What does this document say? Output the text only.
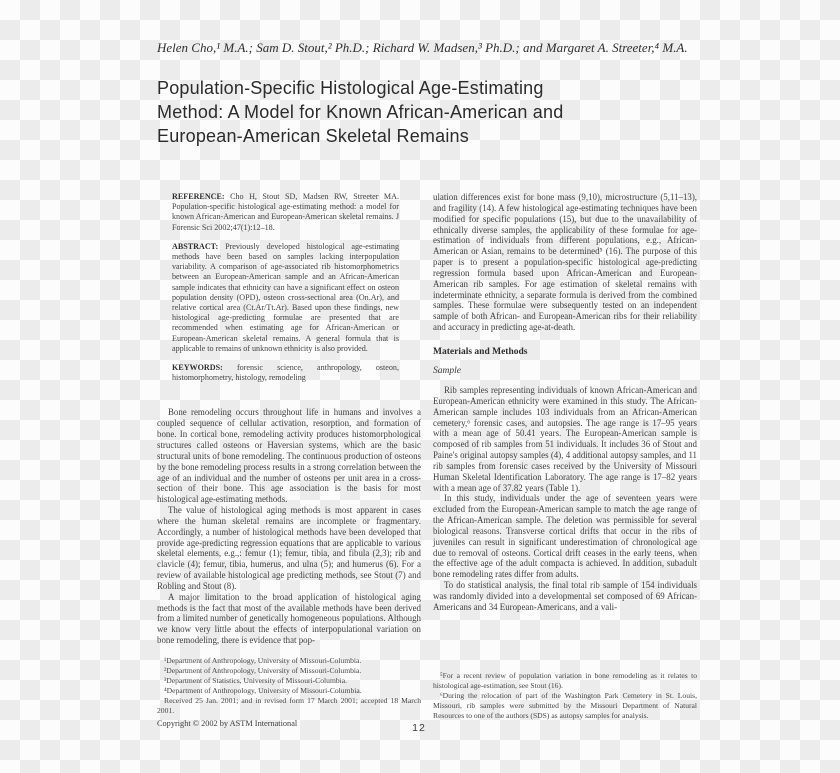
Helen Cho,¹ M.A.; Sam D. Stout,² Ph.D.; Richard W. Madsen,³ Ph.D.; and Margaret A. Streeter,⁴ M.A.
Population-Specific Histological Age-Estimating
Method: A Model for Known African-American and
European-American Skeletal Remains

REFERENCE: Cho H, Stout SD, Madsen RW, Streeter MA. Population-specific histological age-estimating method: a model for known African-American and European-American skeletal remains. J Forensic Sci 2002;47(1):12–18.

ABSTRACT: Previously developed histological age-estimating methods have been based on samples lacking interpopulation variability. A comparison of age-associated rib histomorphometrics between an European-American sample and an African-American sample indicates that ethnicity can have a significant effect on osteon population density (OPD), osteon cross-sectional area (On.Ar), and relative cortical area (Ct.Ar/Tt.Ar). Based upon these findings, new histological age-predicting formulae are presented that are recommended when estimating age for African-American or European-American skeletal remains. A general formula that is applicable to remains of unknown ethnicity is also provided.

KEYWORDS: forensic science, anthropology, osteon, histomorphometry, histology, remodeling

Bone remodeling occurs throughout life in humans and involves a coupled sequence of cellular activation, resorption, and formation of bone. In cortical bone, remodeling activity produces histomorphological structures called osteons or Haversian systems, which are the basic structural units of bone remodeling. The continuous production of osteons by the bone remodeling process results in a strong correlation between the age of an individual and the number of osteons per unit area in a cross-section of their bone. This age association is the basis for most histological age-estimating methods.

The value of histological aging methods is most apparent in cases where the human skeletal remains are incomplete or fragmentary. Accordingly, a number of histological methods have been developed that provide age-predicting regression equations that are applicable to various skeletal elements, e.g.,: femur (1); femur, tibia, and fibula (2,3); rib and clavicle (4); femur, tibia, humerus, and ulna (5); and humerus (6). For a review of available histological age predicting methods, see Stout (7) and Robling and Stout (8).

A major limitation to the broad application of histological aging methods is the fact that most of the available methods have been derived from a limited number of genetically homogeneous populations. Although we know very little about the effects of interpopulational variation on bone remodeling, there is evidence that pop-

ulation differences exist for bone mass (9,10), microstructure (5,11–13), and fragility (14). A few histological age-estimating techniques have been modified for specific populations (15), but due to the unavailability of ethnically diverse samples, the applicability of these formulae for age-estimation of individuals from different populations, e.g., African-American or Asian, remains to be determined⁵ (16). The purpose of this paper is to present a population-specific histological age-predicting regression formula based upon African-American and European-American rib samples. For age estimation of skeletal remains with indeterminate ethnicity, a separate formula is derived from the combined samples. These formulae were subsequently tested on an independent sample of both African- and European-American ribs for their reliability and accuracy in predicting age-at-death.

Materials and Methods
Sample

Rib samples representing individuals of known African-American and European-American ethnicity were examined in this study. The African-American sample includes 103 individuals from an African-American cemetery,⁶ forensic cases, and autopsies. The age range is 17–95 years with a mean age of 50.41 years. The European-American sample is composed of rib samples from 51 individuals. It includes 36 of Stout and Paine's original autopsy samples (4), 4 additional autopsy samples, and 11 rib samples from forensic cases received by the University of Missouri Human Skeletal Identification Laboratory. The age range is 17–82 years with a mean age of 37.82 years (Table 1).

In this study, individuals under the age of seventeen years were excluded from the European-American sample to match the age range of the African-American sample. The deletion was permissible for several biological reasons. Transverse cortical drifts that occur in the ribs of juveniles can result in significant underestimation of chronological age due to removal of osteons. Cortical drift ceases in the early teens, when the effective age of the adult compacta is achieved. In addition, subadult bone remodeling rates differ from adults.

To do statistical analysis, the final total rib sample of 154 individuals was randomly divided into a developmental set composed of 69 African-Americans and 34 European-Americans, and a vali-

¹Department of Anthropology, University of Missouri-Columbia.
²Department of Anthropology, University of Missouri-Columbia.
³Department of Statistics, University of Missouri-Columbia.
⁴Department of Anthropology, University of Missouri-Columbia.
Received 25 Jan. 2001; and in revised form 17 March 2001; accepted 18 March 2001.
⁵For a recent review of population variation in bone remodeling as it relates to histological age-estimation, see Stout (16).
⁶During the relocation of part of the Washington Park Cemetery in St. Louis, Missouri, rib samples were submitted by the Missouri Department of Natural Resources to one of the authors (SDS) as autopsy samples for analysis.
Copyright © 2002 by ASTM International	12
